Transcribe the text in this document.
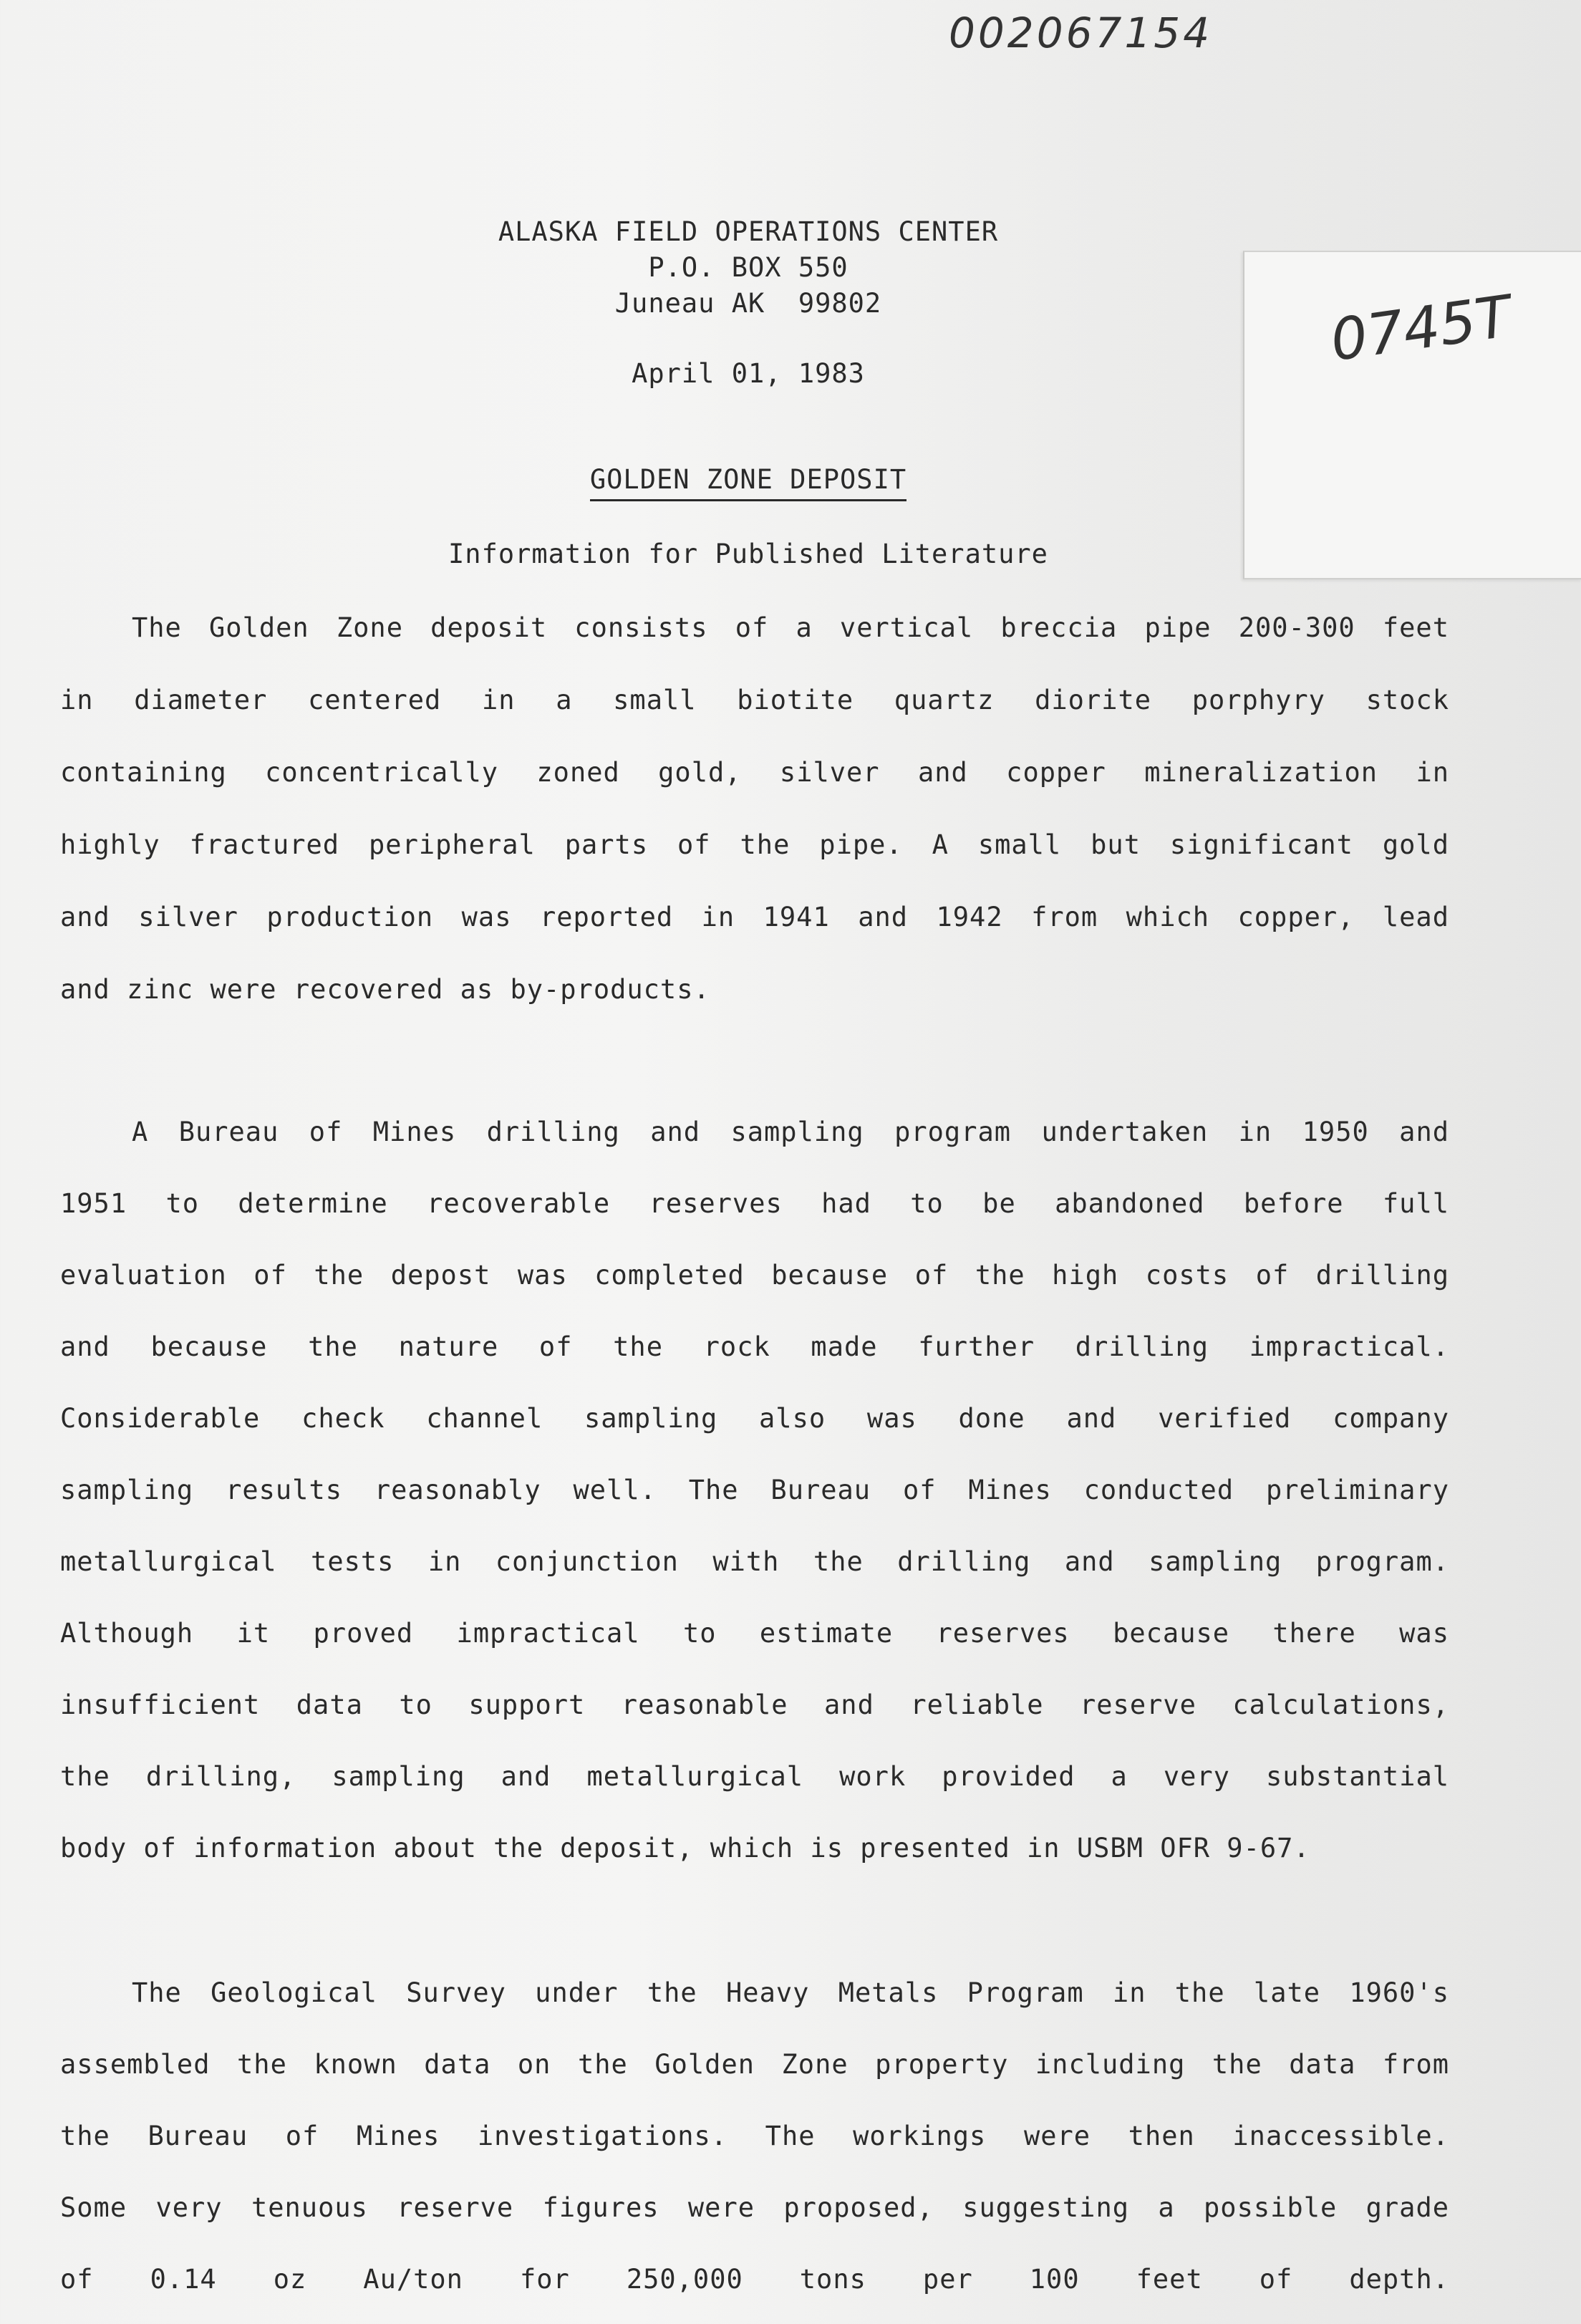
002067154
0745T
ALASKA FIELD OPERATIONS CENTER
P.O. BOX 550
Juneau AK  99802
April 01, 1983
GOLDEN ZONE DEPOSIT
Information for Published Literature
The Golden Zone deposit consists of a vertical breccia pipe 200-300 feet
in diameter centered in a small biotite quartz diorite porphyry stock
containing concentrically zoned gold, silver and copper mineralization in
highly fractured peripheral parts of the pipe. A small but significant gold
and silver production was reported in 1941 and 1942 from which copper, lead
and zinc were recovered as by-products.
A Bureau of Mines drilling and sampling program undertaken in 1950 and
1951 to determine recoverable reserves had to be abandoned before full
evaluation of the depost was completed because of the high costs of drilling
and because the nature of the rock made further drilling impractical.
Considerable check channel sampling also was done and verified company
sampling results reasonably well. The Bureau of Mines conducted preliminary
metallurgical tests in conjunction with the drilling and sampling program.
Although it proved impractical to estimate reserves because there was
insufficient data to support reasonable and reliable reserve calculations,
the drilling, sampling and metallurgical work provided a very substantial
body of information about the deposit, which is presented in USBM OFR 9-67.
The Geological Survey under the Heavy Metals Program in the late 1960's
assembled the known data on the Golden Zone property including the data from
the Bureau of Mines investigations. The workings were then inaccessible.
Some very tenuous reserve figures were proposed, suggesting a possible grade
of 0.14 oz Au/ton for 250,000 tons per 100 feet of depth.
